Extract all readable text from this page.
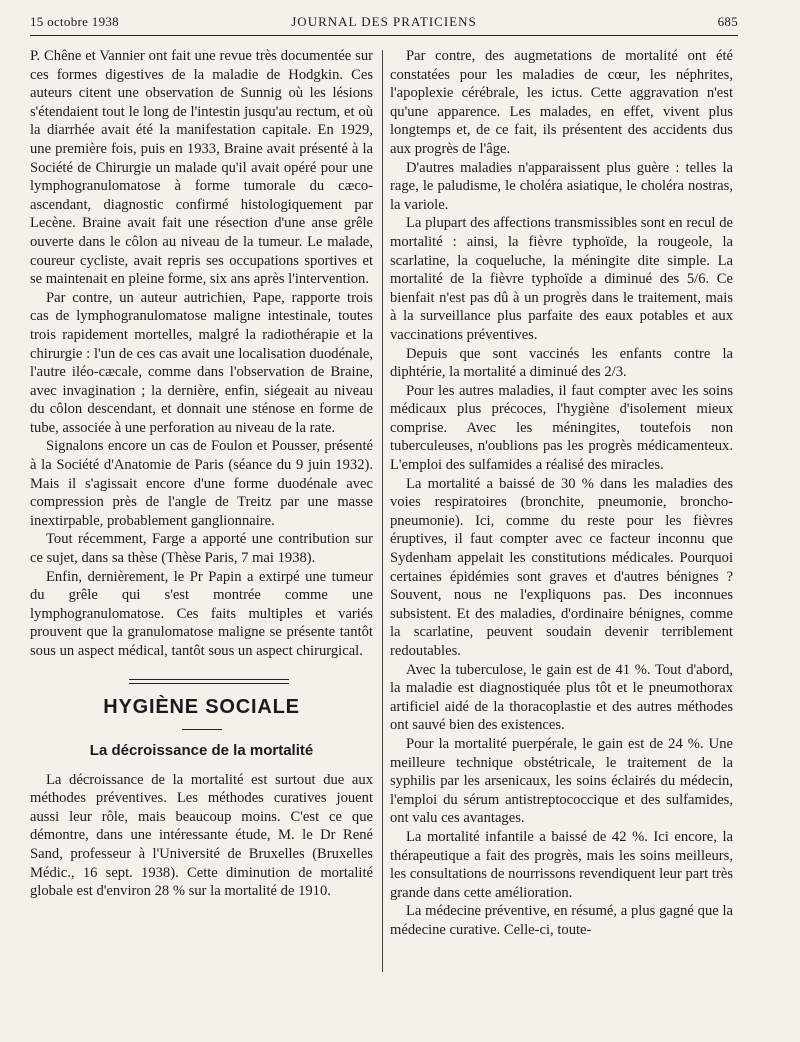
15 octobre 1938	JOURNAL DES PRATICIENS	685

P. Chêne et Vannier ont fait une revue très documentée sur ces formes digestives de la maladie de Hodgkin. Ces auteurs citent une observation de Sunnig où les lésions s'étendaient tout le long de l'intestin jusqu'au rectum, et où la diarrhée avait été la manifestation capitale. En 1929, une première fois, puis en 1933, Braine avait présenté à la Société de Chirurgie un malade qu'il avait opéré pour une lymphogranulomatose à forme tumorale du cæco-ascendant, diagnostic confirmé histologiquement par Lecène. Braine avait fait une résection d'une anse grêle ouverte dans le côlon au niveau de la tumeur. Le malade, coureur cycliste, avait repris ses occupations sportives et se maintenait en pleine forme, six ans après l'intervention.

Par contre, un auteur autrichien, Pape, rapporte trois cas de lymphogranulomatose maligne intestinale, toutes trois rapidement mortelles, malgré la radiothérapie et la chirurgie : l'un de ces cas avait une localisation duodénale, l'autre iléo-cæcale, comme dans l'observation de Braine, avec invagination ; la dernière, enfin, siégeait au niveau du côlon descendant, et donnait une sténose en forme de tube, associée à une perforation au niveau de la rate.

Signalons encore un cas de Foulon et Pousser, présenté à la Société d'Anatomie de Paris (séance du 9 juin 1932). Mais il s'agissait encore d'une forme duodénale avec compression près de l'angle de Treitz par une masse inextirpable, probablement ganglionnaire.

Tout récemment, Farge a apporté une contribution sur ce sujet, dans sa thèse (Thèse Paris, 7 mai 1938).

Enfin, dernièrement, le Pr Papin a extirpé une tumeur du grêle qui s'est montrée comme une lymphogranulomatose. Ces faits multiples et variés prouvent que la granulomatose maligne se présente tantôt sous un aspect médical, tantôt sous un aspect chirurgical.

HYGIÈNE SOCIALE
La décroissance de la mortalité

La décroissance de la mortalité est surtout due aux méthodes préventives. Les méthodes curatives jouent aussi leur rôle, mais beaucoup moins. C'est ce que démontre, dans une intéressante étude, M. le Dr René Sand, professeur à l'Université de Bruxelles (Bruxelles Médic., 16 sept. 1938). Cette diminution de mortalité globale est d'environ 28 % sur la mortalité de 1910.

Par contre, des augmetations de mortalité ont été constatées pour les maladies de cœur, les néphrites, l'apoplexie cérébrale, les ictus. Cette aggravation n'est qu'une apparence. Les malades, en effet, vivent plus longtemps et, de ce fait, ils présentent des accidents dus aux progrès de l'âge.

D'autres maladies n'apparaissent plus guère : telles la rage, le paludisme, le choléra asiatique, le choléra nostras, la variole.

La plupart des affections transmissibles sont en recul de mortalité : ainsi, la fièvre typhoïde, la rougeole, la scarlatine, la coqueluche, la méningite dite simple. La mortalité de la fièvre typhoïde a diminué des 5/6. Ce bienfait n'est pas dû à un progrès dans le traitement, mais à la surveillance plus parfaite des eaux potables et aux vaccinations préventives.

Depuis que sont vaccinés les enfants contre la diphtérie, la mortalité a diminué des 2/3.

Pour les autres maladies, il faut compter avec les soins médicaux plus précoces, l'hygiène d'isolement mieux comprise. Avec les méningites, toutefois non tuberculeuses, n'oublions pas les progrès médicamenteux. L'emploi des sulfamides a réalisé des miracles.

La mortalité a baissé de 30 % dans les maladies des voies respiratoires (bronchite, pneumonie, broncho-pneumonie). Ici, comme du reste pour les fièvres éruptives, il faut compter avec ce facteur inconnu que Sydenham appelait les constitutions médicales. Pourquoi certaines épidémies sont graves et d'autres bénignes ? Souvent, nous ne l'expliquons pas. Des inconnues subsistent. Et des maladies, d'ordinaire bénignes, comme la scarlatine, peuvent soudain devenir terriblement redoutables.

Avec la tuberculose, le gain est de 41 %. Tout d'abord, la maladie est diagnostiquée plus tôt et le pneumothorax artificiel aidé de la thoracoplastie et des autres méthodes ont sauvé bien des existences.

Pour la mortalité puerpérale, le gain est de 24 %. Une meilleure technique obstétricale, le traitement de la syphilis par les arsenicaux, les soins éclairés du médecin, l'emploi du sérum antistreptococcique et des sulfamides, ont valu ces avantages.

La mortalité infantile a baissé de 42 %. Ici encore, la thérapeutique a fait des progrès, mais les soins meilleurs, les consultations de nourrissons revendiquent leur part très grande dans cette amélioration.

La médecine préventive, en résumé, a plus gagné que la médecine curative. Celle-ci, toute-
